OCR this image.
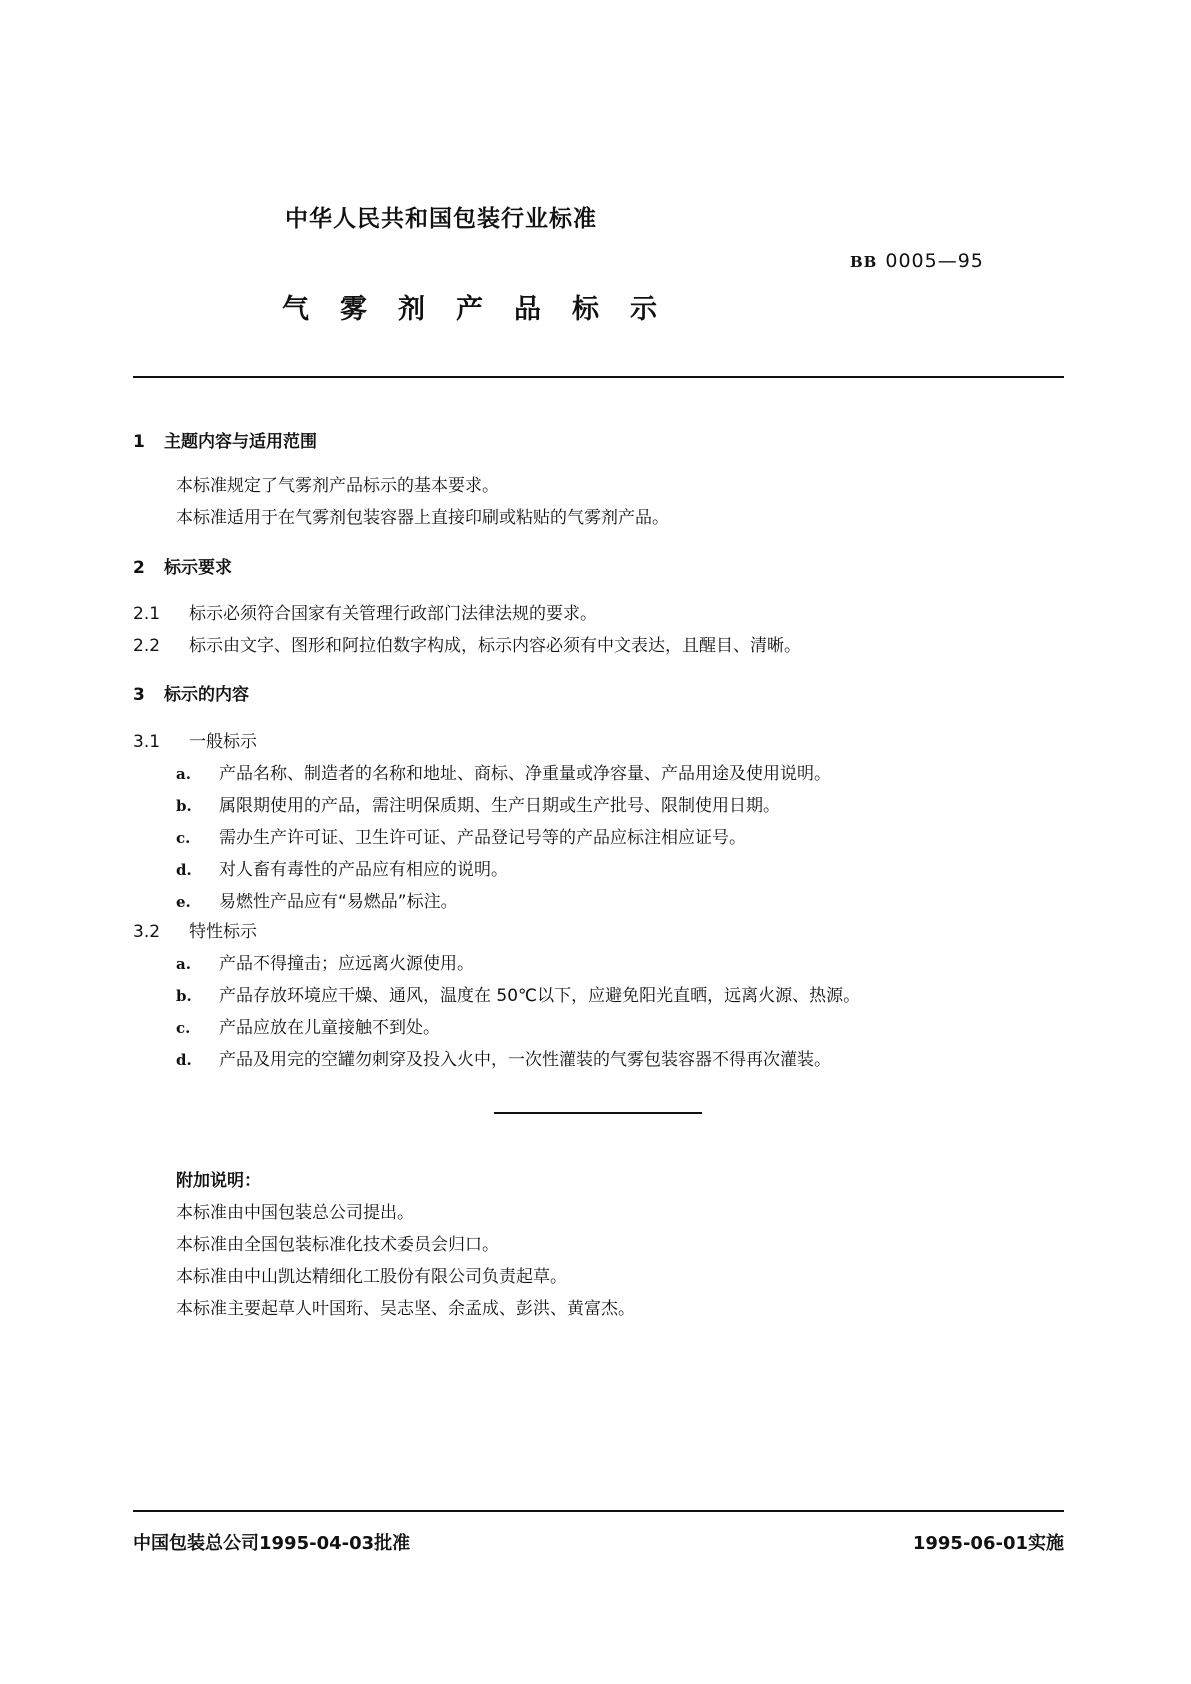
中华人民共和国包装行业标准
BB 0005—95
气雾剂产品标示
1 主题内容与适用范围
本标准规定了气雾剂产品标示的基本要求。
本标准适用于在气雾剂包装容器上直接印刷或粘贴的气雾剂产品。
2 标示要求
2.1 标示必须符合国家有关管理行政部门法律法规的要求。
2.2 标示由文字、图形和阿拉伯数字构成，标示内容必须有中文表达，且醒目、清晰。
3 标示的内容
3.1 一般标示
a. 产品名称、制造者的名称和地址、商标、净重量或净容量、产品用途及使用说明。
b. 属限期使用的产品，需注明保质期、生产日期或生产批号、限制使用日期。
c. 需办生产许可证、卫生许可证、产品登记号等的产品应标注相应证号。
d. 对人畜有毒性的产品应有相应的说明。
e. 易燃性产品应有“易燃品”标注。
3.2 特性标示
a. 产品不得撞击；应远离火源使用。
b. 产品存放环境应干燥、通风，温度在 50℃以下，应避免阳光直晒，远离火源、热源。
c. 产品应放在儿童接触不到处。
d. 产品及用完的空罐勿刺穿及投入火中，一次性灌装的气雾包装容器不得再次灌装。
附加说明：
本标准由中国包装总公司提出。
本标准由全国包装标准化技术委员会归口。
本标准由中山凯达精细化工股份有限公司负责起草。
本标准主要起草人叶国珩、吴志坚、余孟成、彭洪、黄富杰。
中国包装总公司1995-04-03批准	1995-06-01实施
